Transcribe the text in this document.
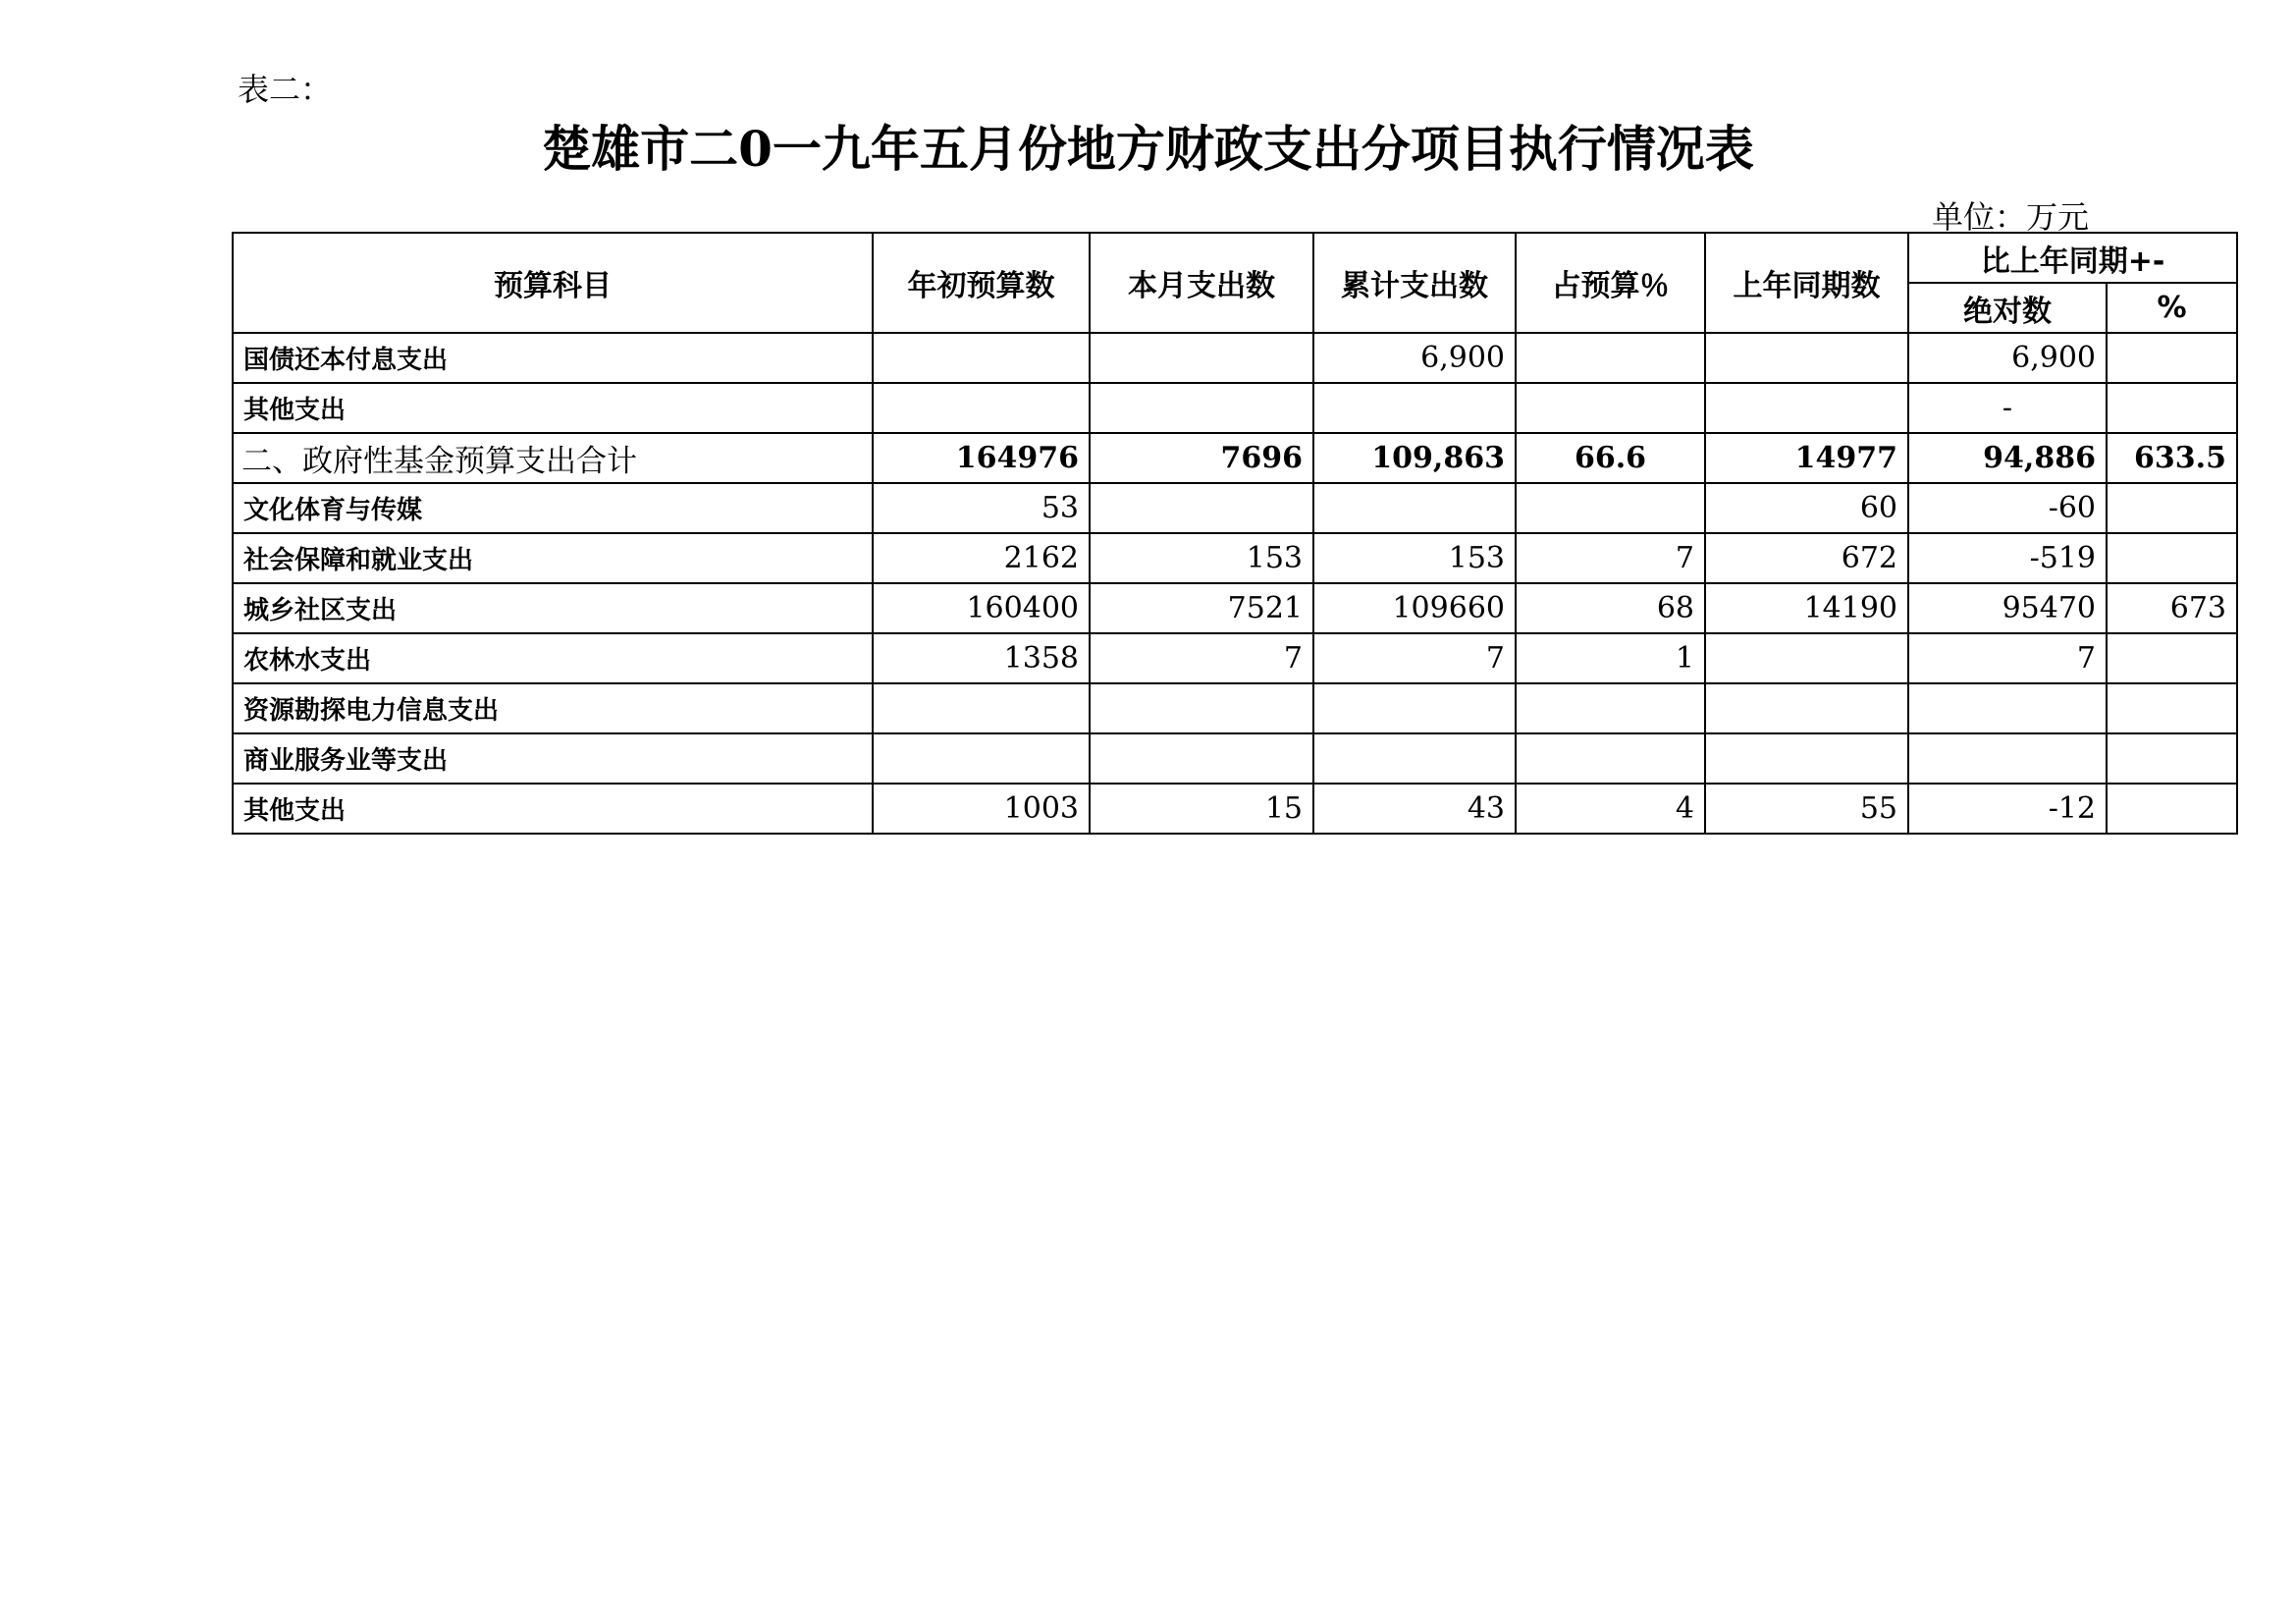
表二：
楚雄市二0一九年五月份地方财政支出分项目执行情况表
单位：万元
预算科目	年初预算数	本月支出数	累计支出数	占预算％	上年同期数	比上年同期+-	
						绝对数	%
国债还本付息支出			6,900			6,900	
其他支出						-	
二、政府性基金预算支出合计	164976	7696	109,863	66.6	14977	94,886	633.5
文化体育与传媒	53				60	-60	
社会保障和就业支出	2162	153	153	7	672	-519	
城乡社区支出	160400	7521	109660	68	14190	95470	673
农林水支出	1358	7	7	1		7	
资源勘探电力信息支出							
商业服务业等支出							
其他支出	1003	15	43	4	55	-12	
